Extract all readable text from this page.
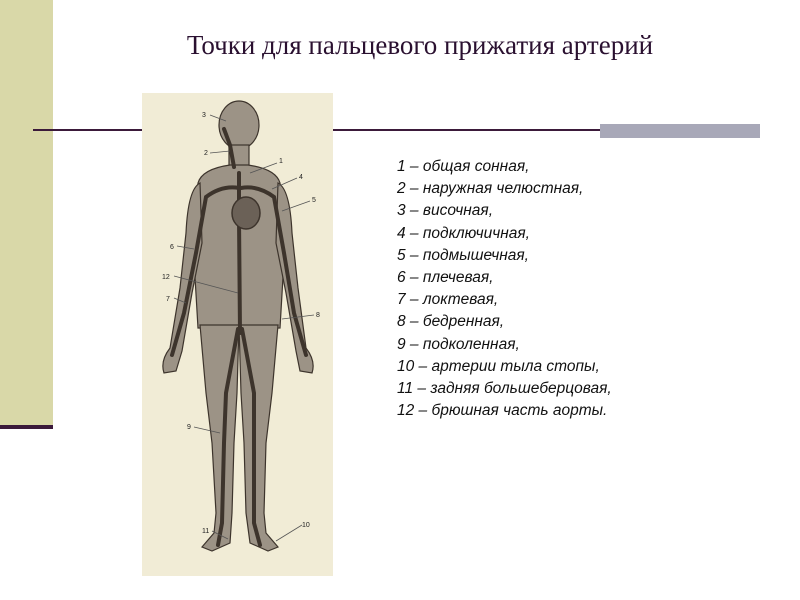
Точки для пальцевого прижатия артерий
1
2
3
4
5
6
7
8
9
10
11
12
1 – общая сонная,
2 – наружная челюстная,
3 – височная,
4 – подключичная,
5 – подмышечная,
6 – плечевая,
7 – локтевая,
8 – бедренная,
9 – подколенная,
10 – артерии тыла стопы,
11 – задняя большеберцовая,
12 – брюшная часть аорты.
